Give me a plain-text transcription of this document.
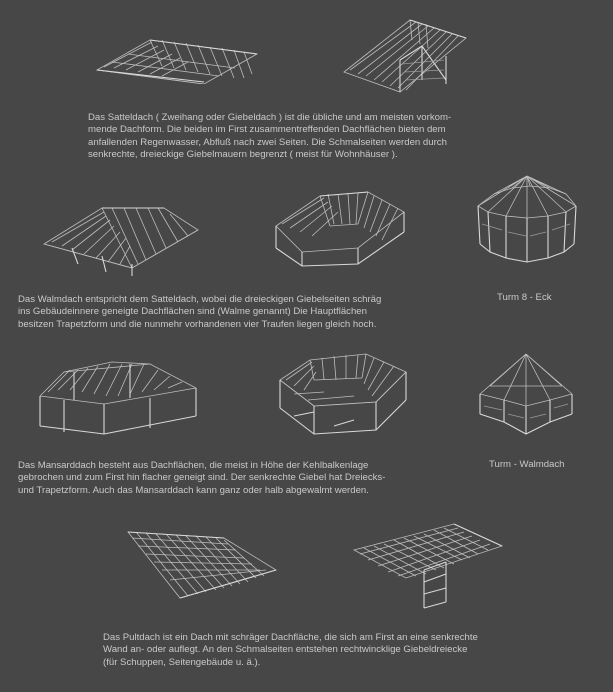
Das Satteldach ( Zweihang oder Giebeldach ) ist die übliche und am meisten vorkom-
mende Dachform. Die beiden im First zusammentreffenden Dachflächen bieten dem
anfallenden Regenwasser, Abfluß nach zwei Seiten. Die Schmalseiten werden durch
senkrechte, dreieckige Giebelmauern begrenzt ( meist für Wohnhäuser ).
Das Walmdach entspricht dem Satteldach, wobei die dreieckigen Giebelseiten schräg
ins Gebäudeinnere geneigte Dachflächen sind (Walme genannt) Die Hauptflächen
besitzen Trapetzform und die nunmehr vorhandenen vier Traufen liegen gleich hoch.
Turm 8 - Eck
Das Mansarddach besteht aus Dachflächen, die meist in Höhe der Kehlbalkenlage
gebrochen und zum First hin flacher geneigt sind. Der senkrechte Giebel hat Dreiecks-
und Trapetzform. Auch das Mansarddach kann ganz oder halb abgewalmt werden.
Turm - Walmdach
Das Pultdach ist ein Dach mit schräger Dachfläche, die sich am First an eine senkrechte
Wand an- oder auflegt. An den Schmalseiten entstehen rechtwincklige Giebeldreiecke
(für Schuppen, Seitengebäude u. ä.).
